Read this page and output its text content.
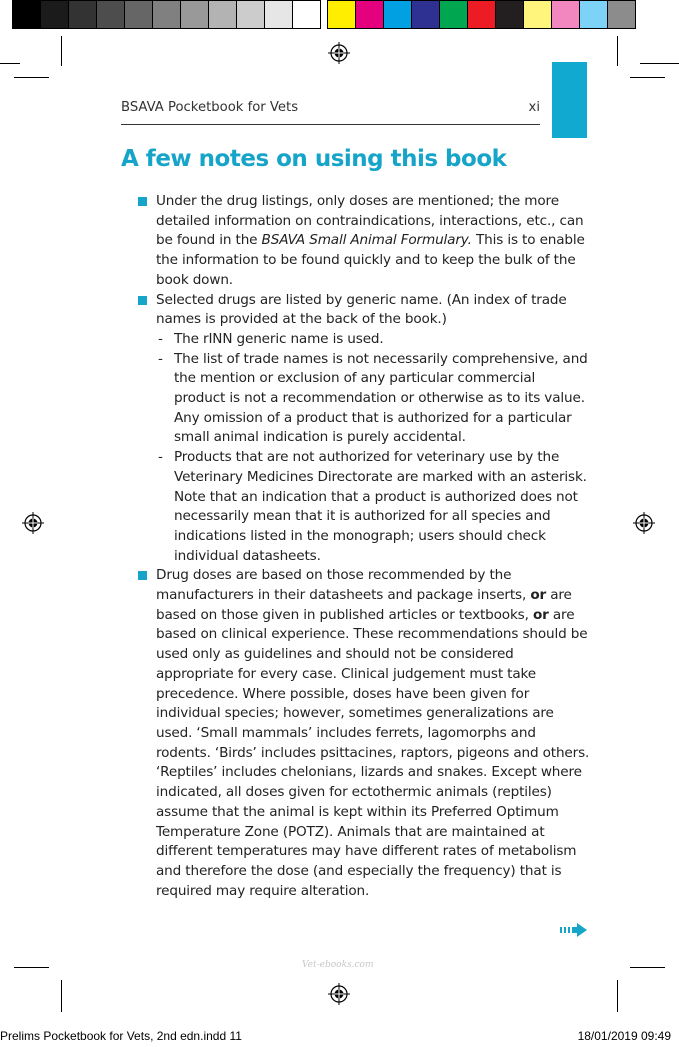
BSAVA Pocketbook for Vets	xi
A few notes on using this book

Under the drug listings, only doses are mentioned; the more detailed information on contraindications, interactions, etc., can be found in the BSAVA Small Animal Formulary. This is to enable the information to be found quickly and to keep the bulk of the book down.

Selected drugs are listed by generic name. (An index of trade names is provided at the back of the book.)

- The rINN generic name is used.

- The list of trade names is not necessarily comprehensive, and the mention or exclusion of any particular commercial product is not a recommendation or otherwise as to its value. Any omission of a product that is authorized for a particular small animal indication is purely accidental.

- Products that are not authorized for veterinary use by the Veterinary Medicines Directorate are marked with an asterisk. Note that an indication that a product is authorized does not necessarily mean that it is authorized for all species and indications listed in the monograph; users should check individual datasheets.

Drug doses are based on those recommended by the manufacturers in their datasheets and package inserts, or are based on those given in published articles or textbooks, or are based on clinical experience. These recommendations should be used only as guidelines and should not be considered appropriate for every case. Clinical judgement must take precedence. Where possible, doses have been given for individual species; however, sometimes generalizations are used. ‘Small mammals’ includes ferrets, lagomorphs and rodents. ‘Birds’ includes psittacines, raptors, pigeons and others. ‘Reptiles’ includes chelonians, lizards and snakes. Except where indicated, all doses given for ectothermic animals (reptiles) assume that the animal is kept within its Preferred Optimum Temperature Zone (POTZ). Animals that are maintained at different temperatures may have different rates of metabolism and therefore the dose (and especially the frequency) that is required may require alteration.

Vet-ebooks.com
Prelims Pocketbook for Vets, 2nd edn.indd 11	18/01/2019 09:49
